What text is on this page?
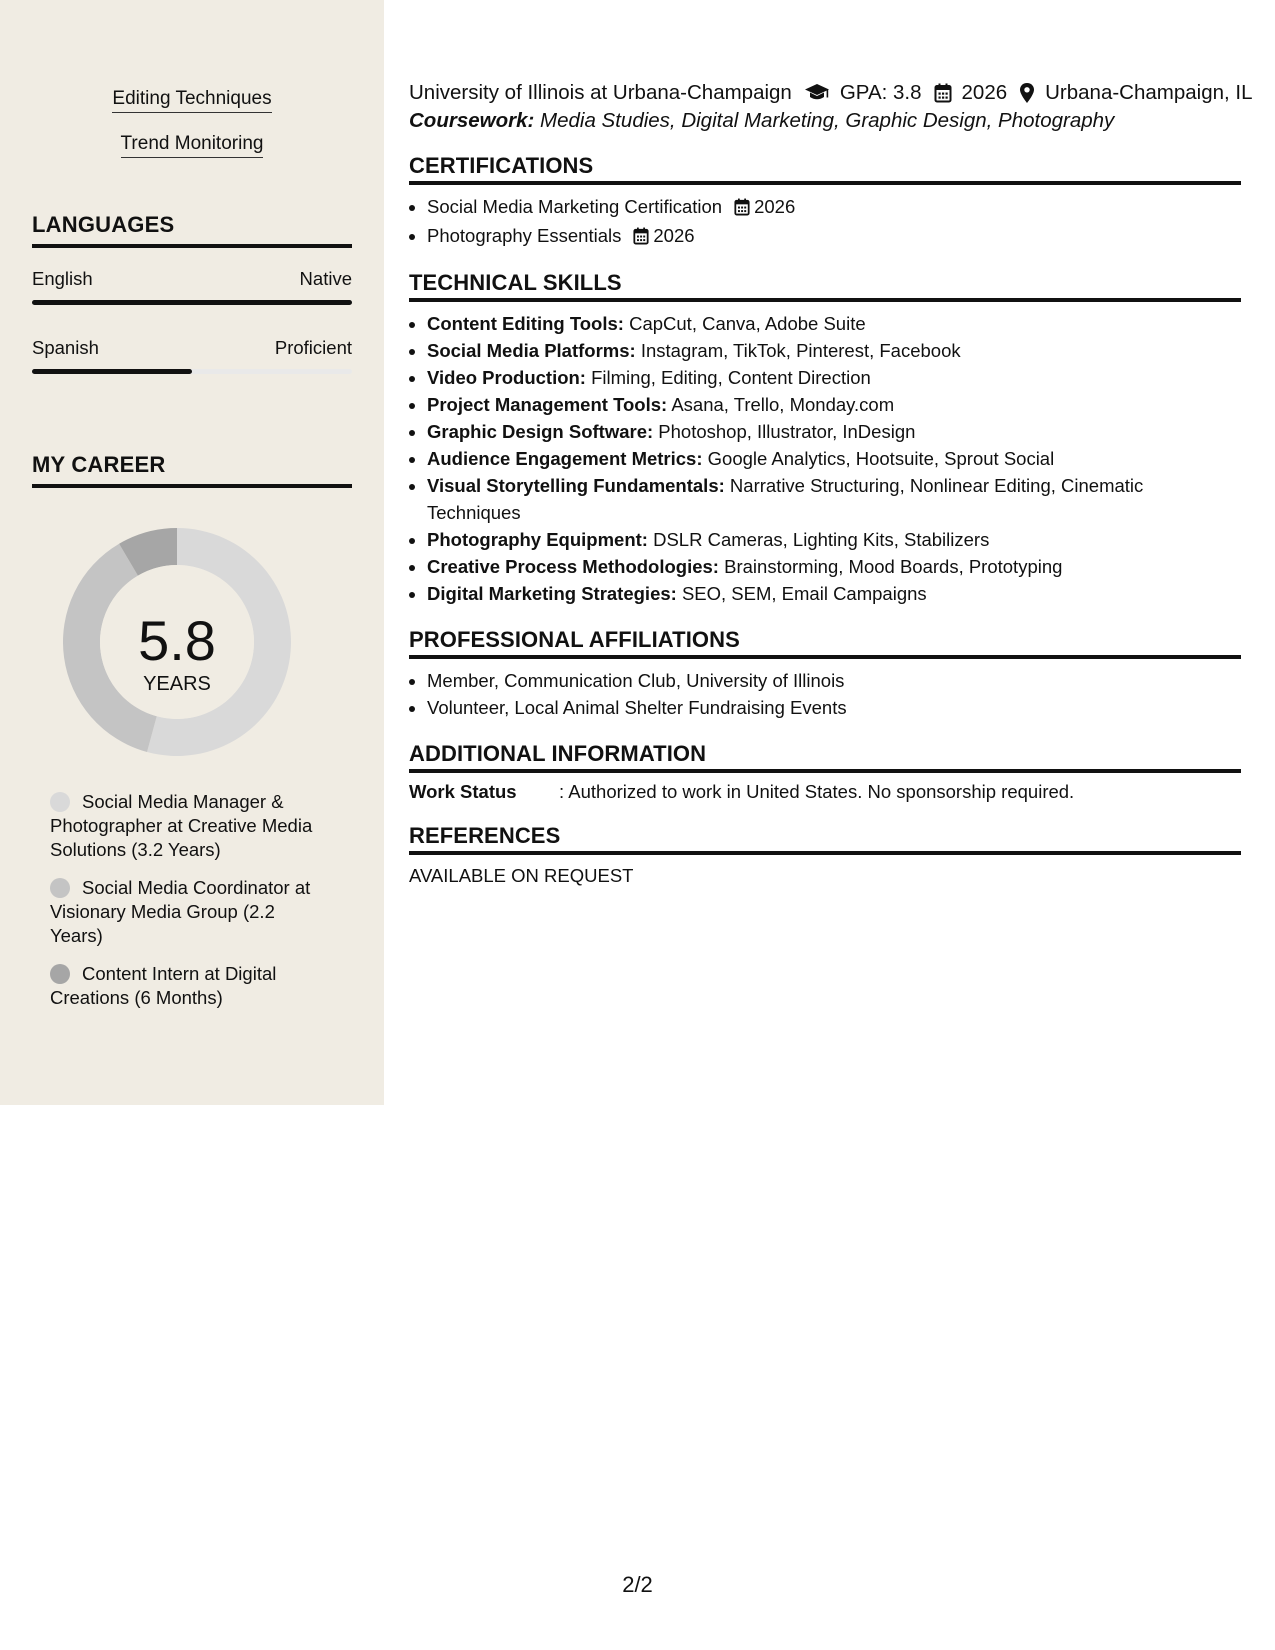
Editing Techniques
Trend Monitoring
LANGUAGES
English	Native
Spanish	Proficient
MY CAREER
5.8
YEARS
Social Media Manager & Photographer at Creative Media Solutions (3.2 Years)
Social Media Coordinator at Visionary Media Group (2.2 Years)
Content Intern at Digital Creations (6 Months)
University of Illinois at Urbana-Champaign GPA: 3.8 2026 Urbana-Champaign, IL
Coursework: Media Studies, Digital Marketing, Graphic Design, Photography
CERTIFICATIONS
• Social Media Marketing Certification 2026
• Photography Essentials 2026
TECHNICAL SKILLS
• Content Editing Tools: CapCut, Canva, Adobe Suite
• Social Media Platforms: Instagram, TikTok, Pinterest, Facebook
• Video Production: Filming, Editing, Content Direction
• Project Management Tools: Asana, Trello, Monday.com
• Graphic Design Software: Photoshop, Illustrator, InDesign
• Audience Engagement Metrics: Google Analytics, Hootsuite, Sprout Social
• Visual Storytelling Fundamentals: Narrative Structuring, Nonlinear Editing, Cinematic Techniques
• Photography Equipment: DSLR Cameras, Lighting Kits, Stabilizers
• Creative Process Methodologies: Brainstorming, Mood Boards, Prototyping
• Digital Marketing Strategies: SEO, SEM, Email Campaigns
PROFESSIONAL AFFILIATIONS
• Member, Communication Club, University of Illinois
• Volunteer, Local Animal Shelter Fundraising Events
ADDITIONAL INFORMATION
Work Status	: Authorized to work in United States. No sponsorship required.
REFERENCES
AVAILABLE ON REQUEST
2/2
